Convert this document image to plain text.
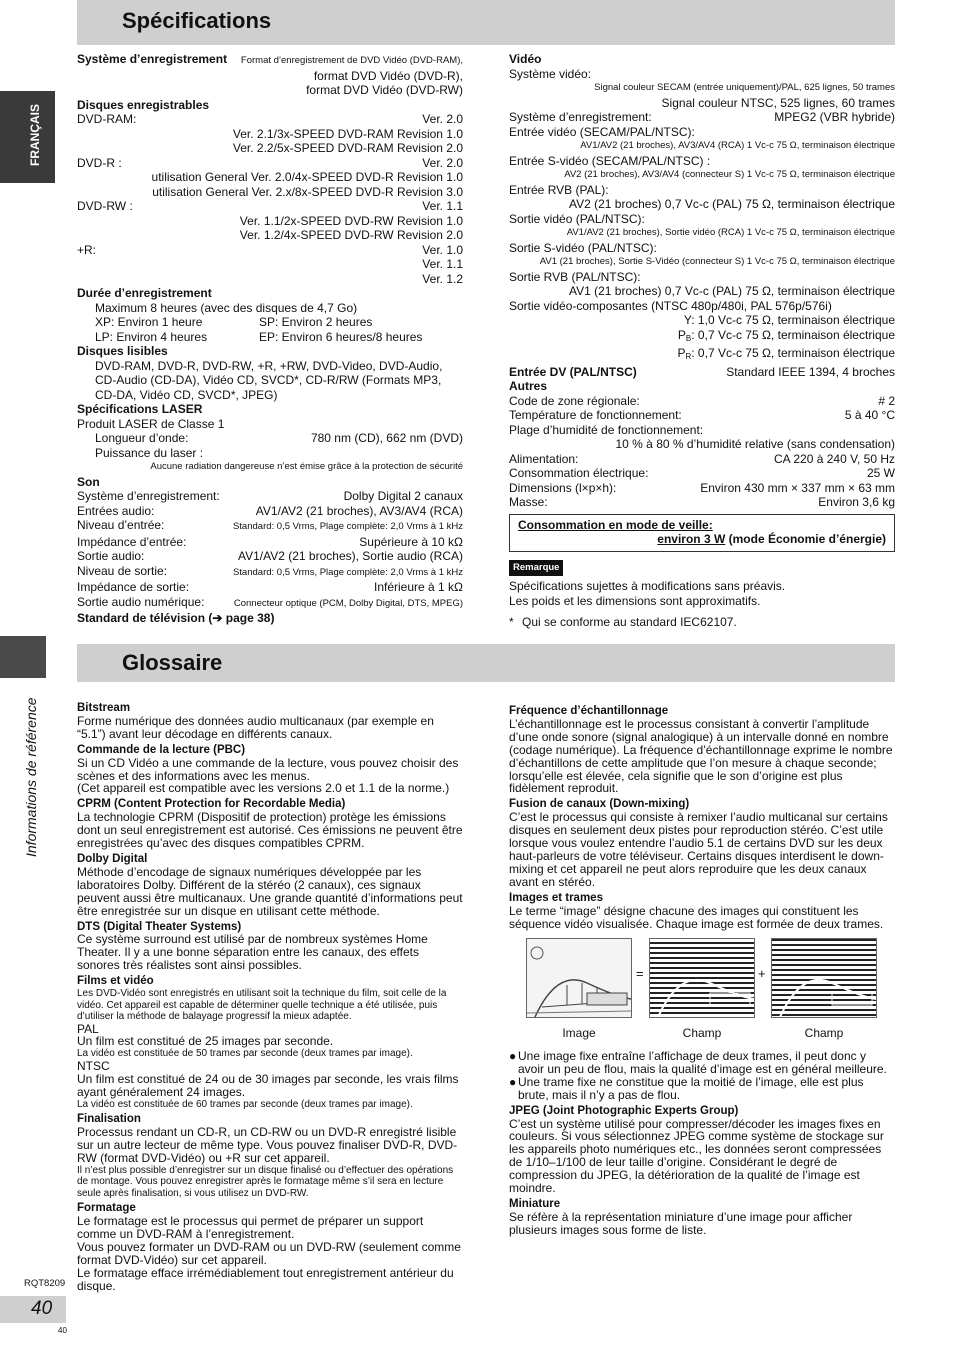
FRANÇAIS
Informations de référence
RQT8209
40
40
Spécifications
Système d’enregistrement Format d’enregistrement de DVD Vidéo (DVD-RAM),
format DVD Vidéo (DVD-R),
format DVD Vidéo (DVD-RW)
Disques enregistrables
DVD-RAM:	Ver. 2.0
Ver. 2.1/3x-SPEED DVD-RAM Revision 1.0
Ver. 2.2/5x-SPEED DVD-RAM Revision 2.0
DVD-R :	Ver. 2.0
utilisation General Ver. 2.0/4x-SPEED DVD-R Revision 1.0
utilisation General Ver. 2.x/8x-SPEED DVD-R Revision 3.0
DVD-RW :	Ver. 1.1
Ver. 1.1/2x-SPEED DVD-RW Revision 1.0
Ver. 1.2/4x-SPEED DVD-RW Revision 2.0
+R:	Ver. 1.0
Ver. 1.1
Ver. 1.2
Durée d’enregistrement
Maximum 8 heures (avec des disques de 4,7 Go)
XP: Environ 1 heure	SP: Environ 2 heures
LP: Environ 4 heures	EP: Environ 6 heures/8 heures
Disques lisibles
DVD-RAM, DVD-R, DVD-RW, +R, +RW, DVD-Video, DVD-Audio,
CD-Audio (CD-DA), Vidéo CD, SVCD*, CD-R/RW (Formats MP3,
CD-DA, Vidéo CD, SVCD*, JPEG)
Spécifications LASER
Produit LASER de Classe 1
Longueur d’onde:	780 nm (CD), 662 nm (DVD)
Puissance du laser :
Aucune radiation dangereuse n’est émise grâce à la protection de sécurité
Son
Système d’enregistrement:	Dolby Digital 2 canaux
Entrées audio:	AV1/AV2 (21 broches), AV3/AV4 (RCA)
Niveau d’entrée:	Standard: 0,5 Vrms, Plage complète: 2,0 Vrms à 1 kHz
Impédance d’entrée:	Supérieure à 10 kΩ
Sortie audio:	AV1/AV2 (21 broches), Sortie audio (RCA)
Niveau de sortie:	Standard: 0,5 Vrms, Plage complète: 2,0 Vrms à 1 kHz
Impédance de sortie:	Inférieure à 1 kΩ
Sortie audio numérique:	Connecteur optique (PCM, Dolby Digital, DTS, MPEG)
Standard de télévision (➔ page 38)
Vidéo
Système vidéo:
Signal couleur SECAM (entrée uniquement)/PAL, 625 lignes, 50 trames
Signal couleur NTSC, 525 lignes, 60 trames
Système d’enregistrement:	MPEG2 (VBR hybride)
Entrée vidéo (SECAM/PAL/NTSC):
AV1/AV2 (21 broches), AV3/AV4 (RCA) 1 Vc-c 75 Ω, terminaison électrique
Entrée S-vidéo (SECAM/PAL/NTSC) :
AV2 (21 broches), AV3/AV4 (connecteur S) 1 Vc-c 75 Ω, terminaison électrique
Entrée RVB (PAL):
AV2 (21 broches) 0,7 Vc-c (PAL) 75 Ω, terminaison électrique
Sortie vidéo (PAL/NTSC):
AV1/AV2 (21 broches), Sortie vidéo (RCA) 1 Vc-c 75 Ω, terminaison électrique
Sortie S-vidéo (PAL/NTSC):
AV1 (21 broches), Sortie S-Vidéo (connecteur S) 1 Vc-c 75 Ω, terminaison électrique
Sortie RVB (PAL/NTSC):
AV1 (21 broches) 0,7 Vc-c (PAL) 75 Ω, terminaison électrique
Sortie vidéo-composantes (NTSC 480p/480i, PAL 576p/576i)
Y: 1,0 Vc-c 75 Ω, terminaison électrique
$P_B$: 0,7 Vc-c 75 Ω, terminaison électrique
$P_R$: 0,7 Vc-c 75 Ω, terminaison électrique
Entrée DV (PAL/NTSC)	Standard IEEE 1394, 4 broches
Autres
Code de zone régionale:	# 2
Température de fonctionnement:	5 à 40 °C
Plage d’humidité de fonctionnement:
10 % à 80 % d’humidité relative (sans condensation)
Alimentation:	CA 220 à 240 V, 50 Hz
Consommation électrique:	25 W
Dimensions (l×p×h):	Environ 430 mm × 337 mm × 63 mm
Masse:	Environ 3,6 kg
Consommation en mode de veille:
environ 3 W (mode Économie d’énergie)
Remarque
Spécifications sujettes à modifications sans préavis.
Les poids et les dimensions sont approximatifs.
* Qui se conforme au standard IEC62107.
Glossaire
Bitstream
Forme numérique des données audio multicanaux (par exemple en “5.1”) avant leur décodage en différents canaux.
Commande de la lecture (PBC)
Si un CD Vidéo a une commande de la lecture, vous pouvez choisir des scènes et des informations avec les menus.
(Cet appareil est compatible avec les versions 2.0 et 1.1 de la norme.)
CPRM (Content Protection for Recordable Media)
La technologie CPRM (Dispositif de protection) protège les émissions dont un seul enregistrement est autorisé. Ces émissions ne peuvent être enregistrées qu’avec des disques compatibles CPRM.
Dolby Digital
Méthode d’encodage de signaux numériques développée par les laboratoires Dolby. Différent de la stéréo (2 canaux), ces signaux peuvent aussi être multicanaux. Une grande quantité d’informations peut être enregistrée sur un disque en utilisant cette méthode.
DTS (Digital Theater Systems)
Ce système surround est utilisé par de nombreux systèmes Home Theater. Il y a une bonne séparation entre les canaux, des effets sonores très réalistes sont ainsi possibles.
Films et vidéo
Les DVD-Vidéo sont enregistrés en utilisant soit la technique du film, soit celle de la vidéo. Cet appareil est capable de déterminer quelle technique a été utilisée, puis d’utiliser la méthode de balayage progressif la mieux adaptée.
PAL
Un film est constitué de 25 images par seconde.
La vidéo est constituée de 50 trames par seconde (deux trames par image).
NTSC
Un film est constitué de 24 ou de 30 images par seconde, les vrais films ayant généralement 24 images.
La vidéo est constituée de 60 trames par seconde (deux trames par image).
Finalisation
Processus rendant un CD-R, un CD-RW ou un DVD-R enregistré lisible sur un autre lecteur de même type. Vous pouvez finaliser DVD-R, DVD-RW (format DVD-Vidéo) ou +R sur cet appareil.
Il n’est plus possible d’enregistrer sur un disque finalisé ou d’effectuer des opérations de montage. Vous pouvez enregistrer après le formatage même s’il sera en lecture seule après finalisation, si vous utilisez un DVD-RW.
Formatage
Le formatage est le processus qui permet de préparer un support comme un DVD-RAM à l’enregistrement.
Vous pouvez formater un DVD-RAM ou un DVD-RW (seulement comme format DVD-Vidéo) sur cet appareil.
Le formatage efface irrémédiablement tout enregistrement antérieur du disque.
Fréquence d’échantillonnage
L’échantillonnage est le processus consistant à convertir l’amplitude d’une onde sonore (signal analogique) à un intervalle donné en nombre (codage numérique). La fréquence d’échantillonnage exprime le nombre d’échantillons de cette amplitude que l’on mesure à chaque seconde; lorsqu’elle est élevée, cela signifie que le son d’origine est plus fidèlement reproduit.
Fusion de canaux (Down-mixing)
C’est le processus qui consiste à remixer l’audio multicanal sur certains disques en seulement deux pistes pour reproduction stéréo. C’est utile lorsque vous voulez entendre l’audio 5.1 de certains DVD sur les deux haut-parleurs de votre téléviseur. Certains disques interdisent le down-mixing et cet appareil ne peut alors reproduire que les deux canaux avant en stéréo.
Images et trames
Le terme “image” désigne chacune des images qui constituent les séquence vidéo visualisée. Chaque image est formée de deux trames.
=	+
Image	Champ	Champ
● Une image fixe entraîne l’affichage de deux trames, il peut donc y avoir un peu de flou, mais la qualité d’image est en général meilleure.
● Une trame fixe ne constitue que la moitié de l’image, elle est plus brute, mais il n’y a pas de flou.
JPEG (Joint Photographic Experts Group)
C’est un système utilisé pour compresser/décoder les images fixes en couleurs. Si vous sélectionnez JPEG comme système de stockage sur les appareils photo numériques etc., les données seront compressées de 1/10–1/100 de leur taille d’origine. Considérant le degré de compression du JPEG, la détérioration de la qualité de l’image est moindre.
Miniature
Se réfère à la représentation miniature d’une image pour afficher plusieurs images sous forme de liste.
